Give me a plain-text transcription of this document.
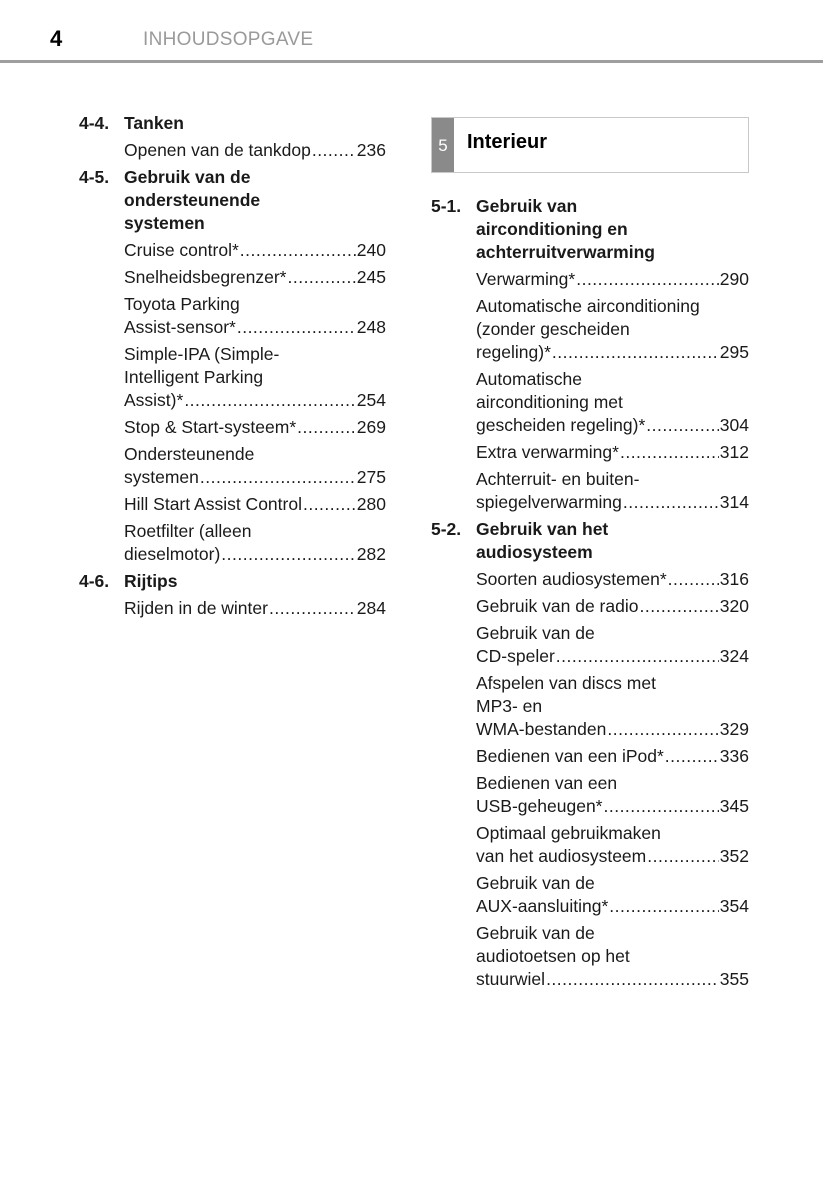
4	INHOUDSOPGAVE
4-4. Tanken
Openen van de tankdop .....	236
4-5. Gebruik van de
ondersteunende
systemen
Cruise control* .....	240
Snelheidsbegrenzer* .....	245
Toyota Parking
Assist-sensor* .....	248
Simple-IPA (Simple-
Intelligent Parking
Assist)* .....	254
Stop & Start-systeem* .....	269
Ondersteunende
systemen .....	275
Hill Start Assist Control .....	280
Roetfilter (alleen
dieselmotor) .....	282
4-6. Rijtips
Rijden in de winter .....	284
5 Interieur
5-1. Gebruik van
airconditioning en
achterruitverwarming
Verwarming* .....	290
Automatische airconditioning
(zonder gescheiden
regeling)* .....	295
Automatische
airconditioning met
gescheiden regeling)* .....	304
Extra verwarming* .....	312
Achterruit- en buiten-
spiegelverwarming .....	314
5-2. Gebruik van het
audiosysteem
Soorten audiosystemen* .....	316
Gebruik van de radio .....	320
Gebruik van de
CD-speler .....	324
Afspelen van discs met
MP3- en
WMA-bestanden .....	329
Bedienen van een iPod* .....	336
Bedienen van een
USB-geheugen* .....	345
Optimaal gebruikmaken
van het audiosysteem .....	352
Gebruik van de
AUX-aansluiting* .....	354
Gebruik van de
audiotoetsen op het
stuurwiel .....	355
